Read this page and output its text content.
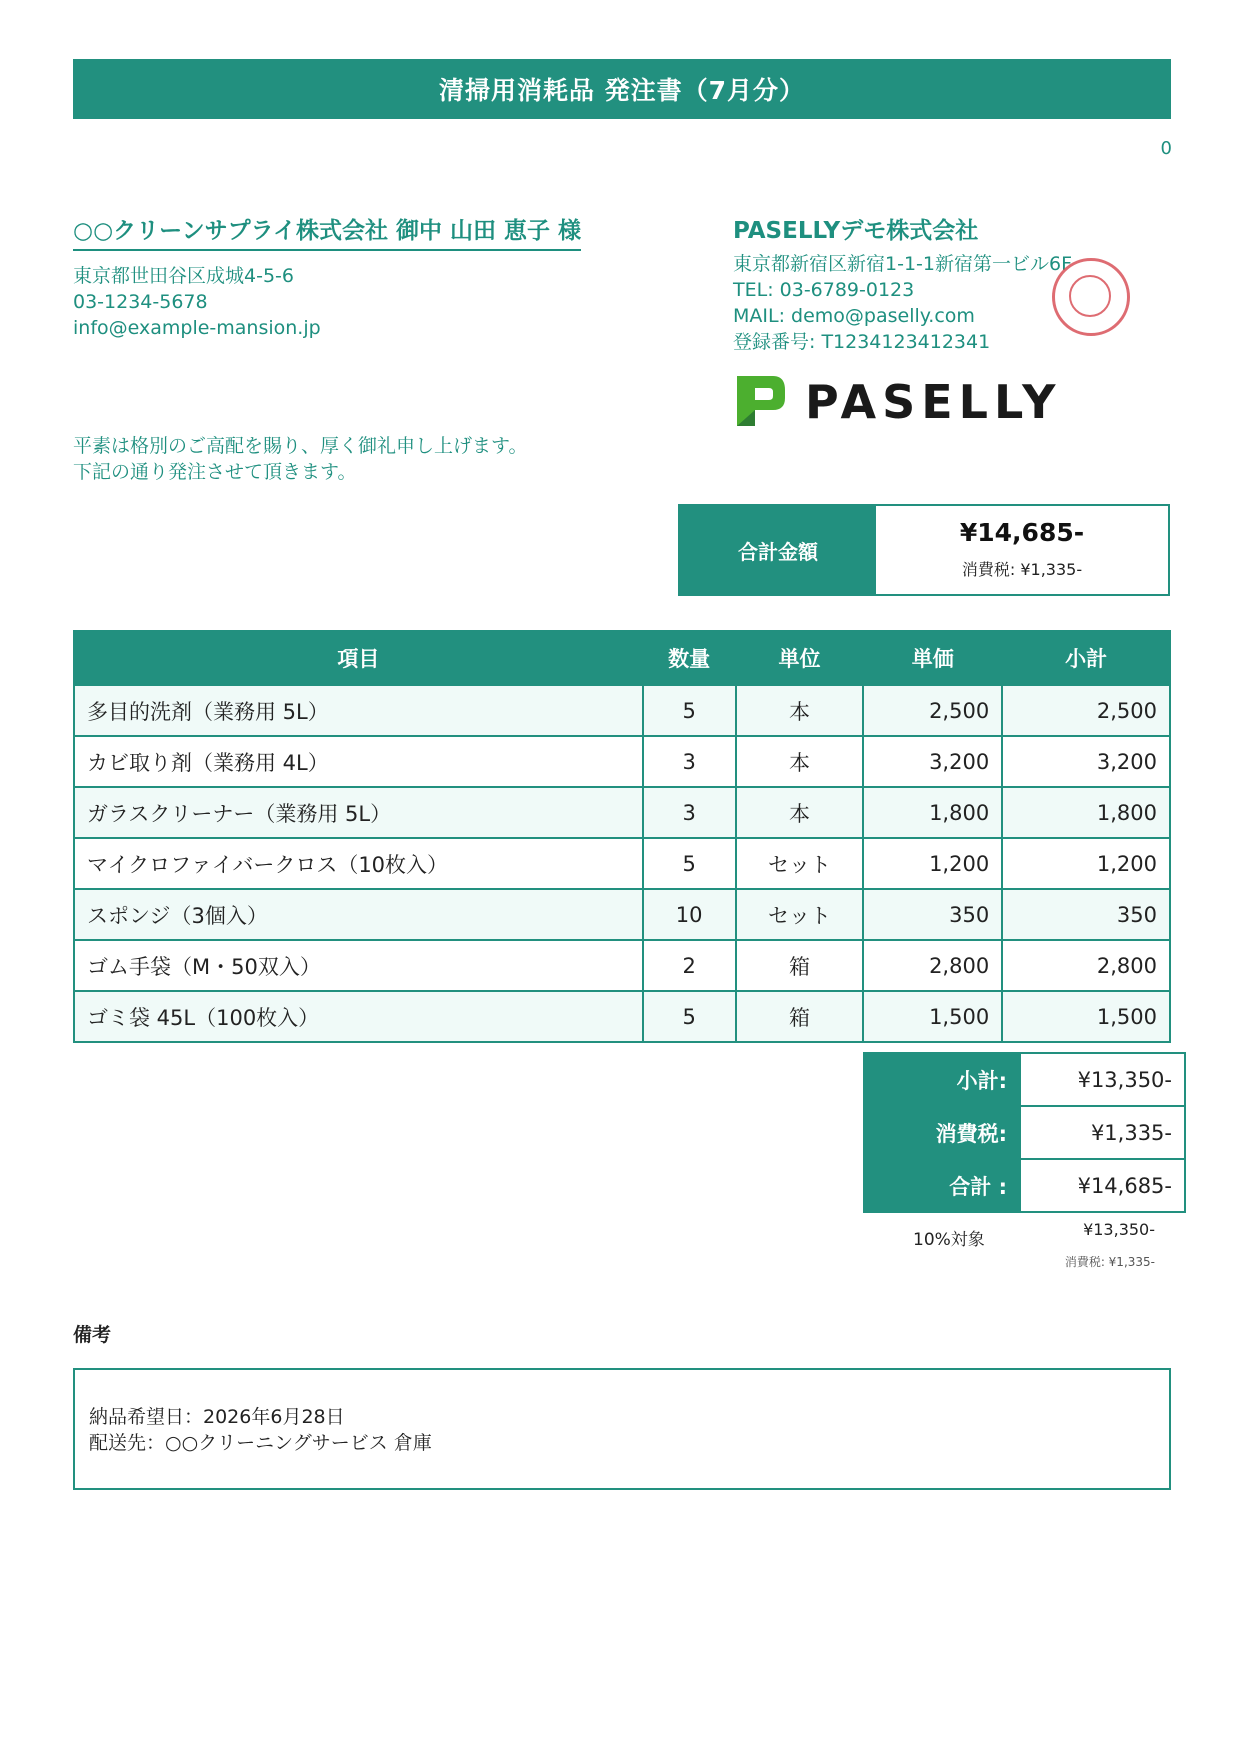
清掃用消耗品 発注書（7月分）
0
○○クリーンサプライ株式会社 御中 山田 恵子 様
東京都世田谷区成城4-5-6
03-1234-5678
info@example-mansion.jp
PASELLYデモ株式会社
東京都新宿区新宿1-1-1新宿第一ビル6F
TEL: 03-6789-0123
MAIL: demo@paselly.com
登録番号: T1234123412341
PASELLY
平素は格別のご高配を賜り、厚く御礼申し上げます。
下記の通り発注させて頂きます。
合計金額
¥14,685-
消費税: ¥1,335-
項目	数量	単位	単価	小計
多目的洗剤（業務用 5L）	5	本	2,500	2,500
カビ取り剤（業務用 4L）	3	本	3,200	3,200
ガラスクリーナー（業務用 5L）	3	本	1,800	1,800
マイクロファイバークロス（10枚入）	5	セット	1,200	1,200
スポンジ（3個入）	10	セット	350	350
ゴム手袋（M・50双入）	2	箱	2,800	2,800
ゴミ袋 45L（100枚入）	5	箱	1,500	1,500
小計:	¥13,350-
消費税:	¥1,335-
合計 :	¥14,685-
10%対象
¥13,350-
消費税: ¥1,335-
備考
納品希望日：2026年6月28日
配送先：○○クリーニングサービス 倉庫
